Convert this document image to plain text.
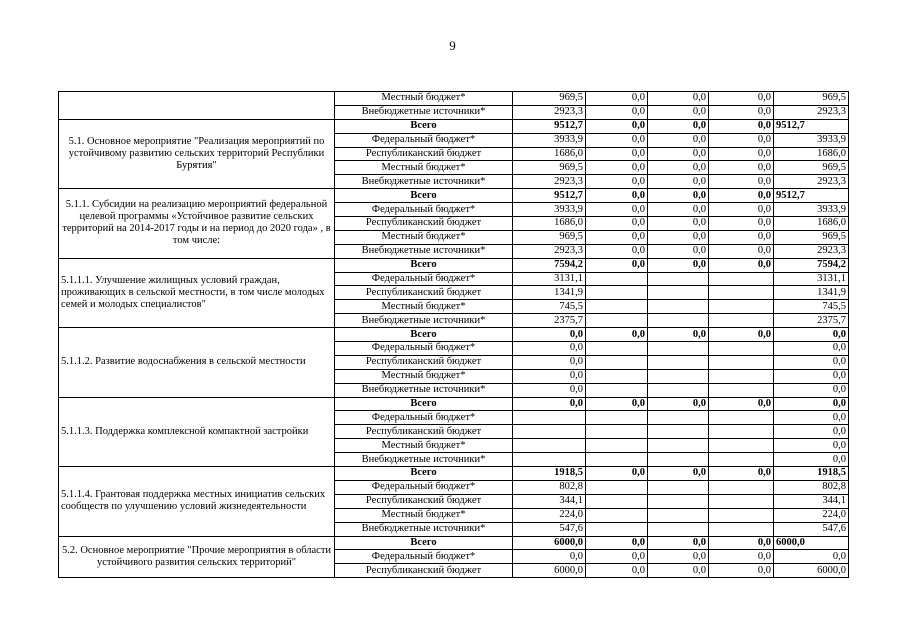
9
	Местный бюджет*	969,5	0,0	0,0	0,0	969,5
	Внебюджетные источники*	2923,3	0,0	0,0	0,0	2923,3
5.1. Основное мероприятие "Реализация мероприятий по устойчивому развитию сельских территорий Республики Бурятия"	Всего	9512,7	0,0	0,0	0,0	9512,7
	Федеральный бюджет*	3933,9	0,0	0,0	0,0	3933,9
	Республиканский бюджет	1686,0	0,0	0,0	0,0	1686,0
	Местный бюджет*	969,5	0,0	0,0	0,0	969,5
	Внебюджетные источники*	2923,3	0,0	0,0	0,0	2923,3
5.1.1. Субсидии на реализацию мероприятий федеральной целевой программы «Устойчивое развитие сельских территорий на 2014-2017 годы и на период до 2020 года» , в том числе:	Всего	9512,7	0,0	0,0	0,0	9512,7
	Федеральный бюджет*	3933,9	0,0	0,0	0,0	3933,9
	Республиканский бюджет	1686,0	0,0	0,0	0,0	1686,0
	Местный бюджет*	969,5	0,0	0,0	0,0	969,5
	Внебюджетные источники*	2923,3	0,0	0,0	0,0	2923,3
5.1.1.1. Улучшение жилищных условий граждан, проживающих в сельской местности, в том числе молодых семей и молодых специалистов"	Всего	7594,2	0,0	0,0	0,0	7594,2
	Федеральный бюджет*	3131,1				3131,1
	Республиканский бюджет	1341,9				1341,9
	Местный бюджет*	745,5				745,5
	Внебюджетные источники*	2375,7				2375,7
5.1.1.2. Развитие водоснабжения в сельской местности	Всего	0,0	0,0	0,0	0,0	0,0
	Федеральный бюджет*	0,0				0,0
	Республиканский бюджет	0,0				0,0
	Местный бюджет*	0,0				0,0
	Внебюджетные источники*	0,0				0,0
5.1.1.3. Поддержка комплексной компактной застройки	Всего	0,0	0,0	0,0	0,0	0,0
	Федеральный бюджет*					0,0
	Республиканский бюджет					0,0
	Местный бюджет*					0,0
	Внебюджетные источники*					0,0
5.1.1.4. Грантовая поддержка местных инициатив сельских сообществ по улучшению условий жизнедеятельности	Всего	1918,5	0,0	0,0	0,0	1918,5
	Федеральный бюджет*	802,8				802,8
	Республиканский бюджет	344,1				344,1
	Местный бюджет*	224,0				224,0
	Внебюджетные источники*	547,6				547,6
5.2. Основное мероприятие "Прочие мероприятия в области устойчивого развития сельских территорий"	Всего	6000,0	0,0	0,0	0,0	6000,0
	Федеральный бюджет*	0,0	0,0	0,0	0,0	0,0
	Республиканский бюджет	6000,0	0,0	0,0	0,0	6000,0
